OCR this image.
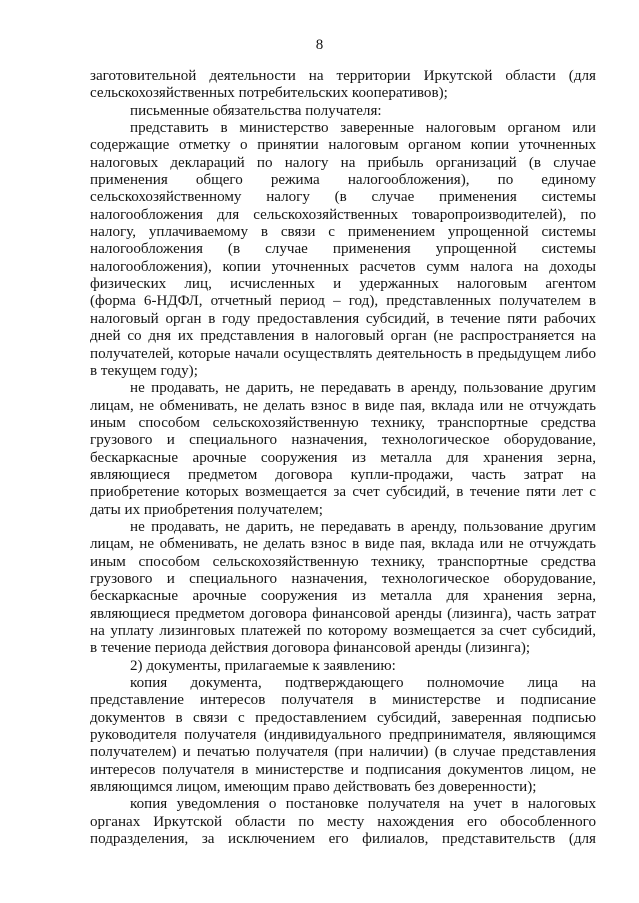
8
заготовительной деятельности на территории Иркутской области (для
сельскохозяйственных потребительских кооперативов);
письменные обязательства получателя:
представить в министерство заверенные налоговым органом или
содержащие отметку о принятии налоговым органом копии уточненных
налоговых деклараций по налогу на прибыль организаций (в случае
применения общего режима налогообложения), по единому
сельскохозяйственному налогу (в случае применения системы
налогообложения для сельскохозяйственных товаропроизводителей), по
налогу, уплачиваемому в связи с применением упрощенной системы
налогообложения (в случае применения упрощенной системы
налогообложения), копии уточненных расчетов сумм налога на доходы
физических лиц, исчисленных и удержанных налоговым агентом
(форма 6-НДФЛ, отчетный период – год), представленных получателем в
налоговый орган в году предоставления субсидий, в течение пяти рабочих
дней со дня их представления в налоговый орган (не распространяется на
получателей, которые начали осуществлять деятельность в предыдущем либо
в текущем году);
не продавать, не дарить, не передавать в аренду, пользование другим
лицам, не обменивать, не делать взнос в виде пая, вклада или не отчуждать
иным способом сельскохозяйственную технику, транспортные средства
грузового и специального назначения, технологическое оборудование,
бескаркасные арочные сооружения из металла для хранения зерна,
являющиеся предметом договора купли-продажи, часть затрат на
приобретение которых возмещается за счет субсидий, в течение пяти лет с
даты их приобретения получателем;
не продавать, не дарить, не передавать в аренду, пользование другим
лицам, не обменивать, не делать взнос в виде пая, вклада или не отчуждать
иным способом сельскохозяйственную технику, транспортные средства
грузового и специального назначения, технологическое оборудование,
бескаркасные арочные сооружения из металла для хранения зерна,
являющиеся предметом договора финансовой аренды (лизинга), часть затрат
на уплату лизинговых платежей по которому возмещается за счет субсидий,
в течение периода действия договора финансовой аренды (лизинга);
2) документы, прилагаемые к заявлению:
копия документа, подтверждающего полномочие лица на
представление интересов получателя в министерстве и подписание
документов в связи с предоставлением субсидий, заверенная подписью
руководителя получателя (индивидуального предпринимателя, являющимся
получателем) и печатью получателя (при наличии) (в случае представления
интересов получателя в министерстве и подписания документов лицом, не
являющимся лицом, имеющим право действовать без доверенности);
копия уведомления о постановке получателя на учет в налоговых
органах Иркутской области по месту нахождения его обособленного
подразделения, за исключением его филиалов, представительств (для
